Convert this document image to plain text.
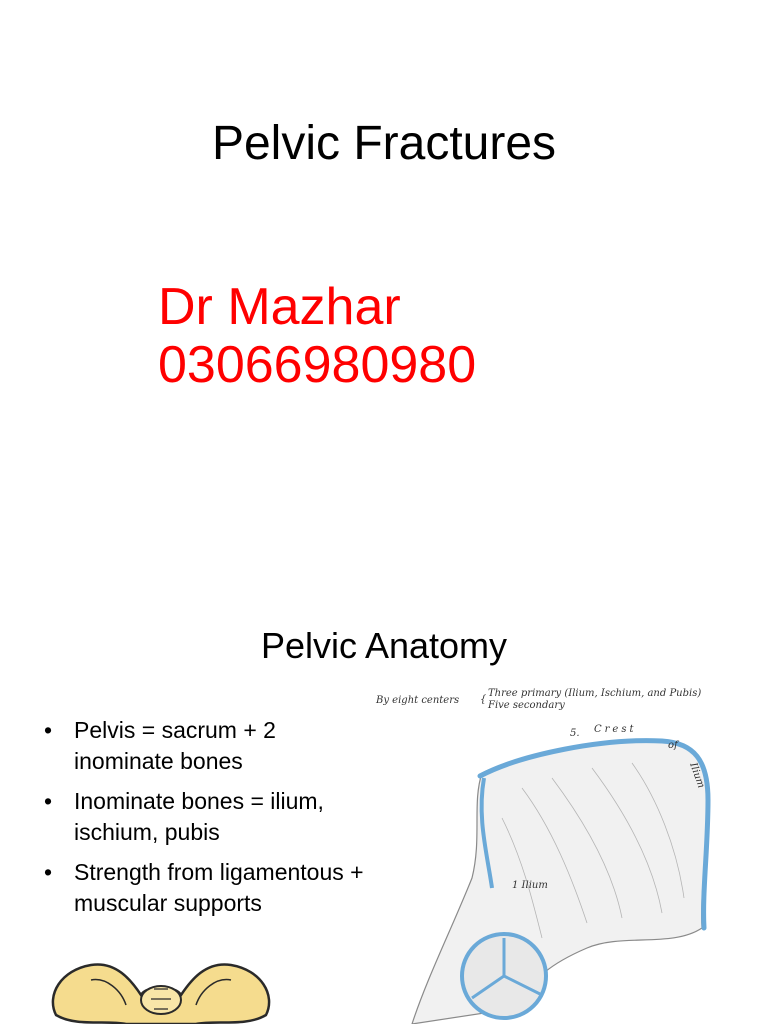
Pelvic Fractures
Dr Mazhar
03066980980
Pelvic Anatomy
• Pelvis = sacrum + 2 inominate bones
• Inominate bones = ilium, ischium, pubis
• Strength from ligamentous + muscular supports
By eight centers {
Three primary (Ilium, Ischium, and Pubis)
Five secondary
5. Crest
of
Ilium
1 Ilium
